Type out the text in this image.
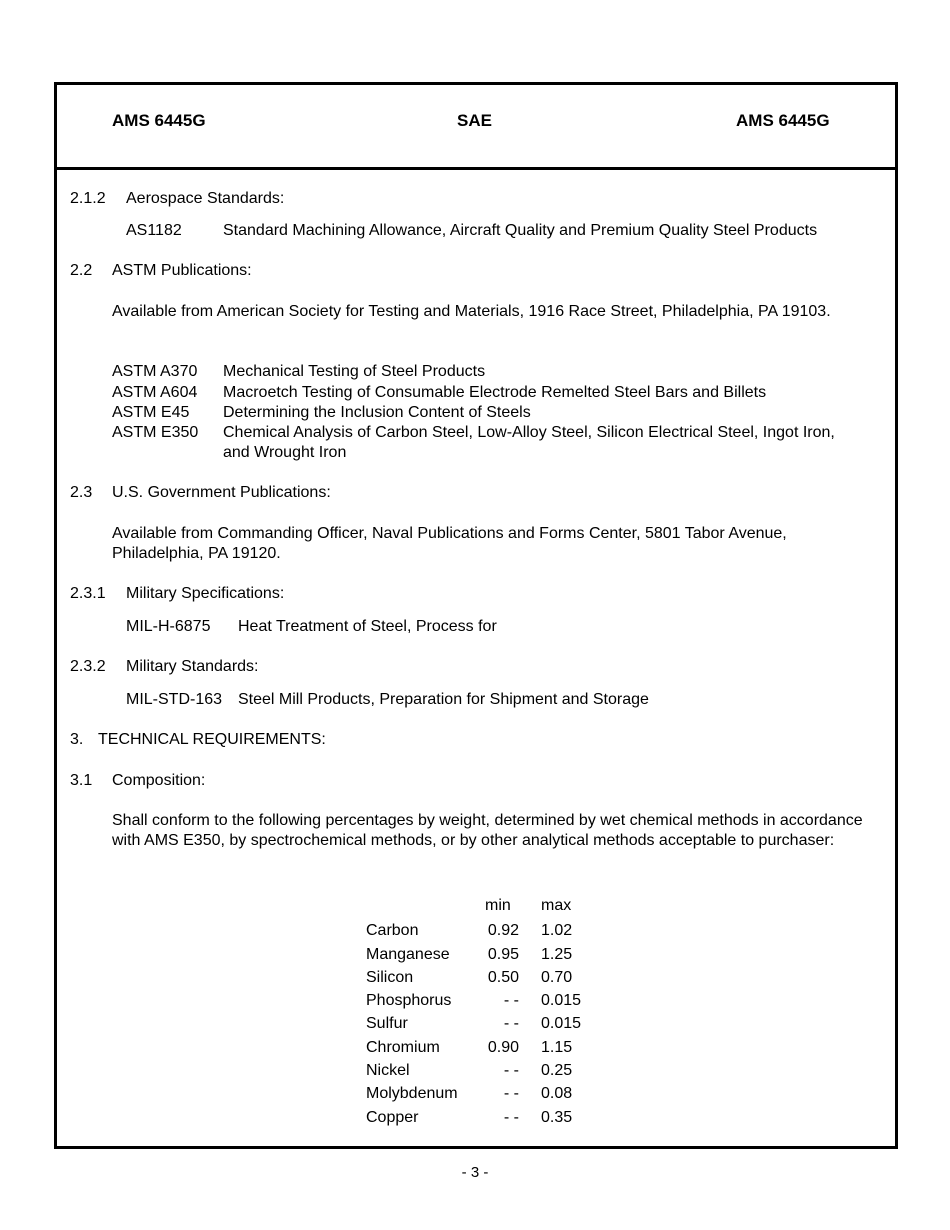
AMS 6445G	SAE	AMS 6445G
2.1.2 Aerospace Standards:
AS1182	Standard Machining Allowance, Aircraft Quality and Premium Quality Steel Products
2.2 ASTM Publications:
Available from American Society for Testing and Materials, 1916 Race Street, Philadelphia, PA 19103.
ASTM A370 Mechanical Testing of Steel Products
ASTM A604 Macroetch Testing of Consumable Electrode Remelted Steel Bars and Billets
ASTM E45 Determining the Inclusion Content of Steels
ASTM E350 Chemical Analysis of Carbon Steel, Low-Alloy Steel, Silicon Electrical Steel, Ingot Iron, and Wrought Iron
2.3 U.S. Government Publications:
Available from Commanding Officer, Naval Publications and Forms Center, 5801 Tabor Avenue, Philadelphia, PA 19120.
2.3.1 Military Specifications:
MIL-H-6875 Heat Treatment of Steel, Process for
2.3.2 Military Standards:
MIL-STD-163 Steel Mill Products, Preparation for Shipment and Storage
3. TECHNICAL REQUIREMENTS:
3.1 Composition:
Shall conform to the following percentages by weight, determined by wet chemical methods in accordance with AMS E350, by spectrochemical methods, or by other analytical methods acceptable to purchaser:
min	max
Carbon	0.92 1.02
Manganese 0.95 1.25
Silicon	0.50 0.70
Phosphorus	- - 0.015
Sulfur	- - 0.015
Chromium	0.90 1.15
Nickel	- - 0.25
Molybdenum	- - 0.08
Copper	- - 0.35
- 3 -
